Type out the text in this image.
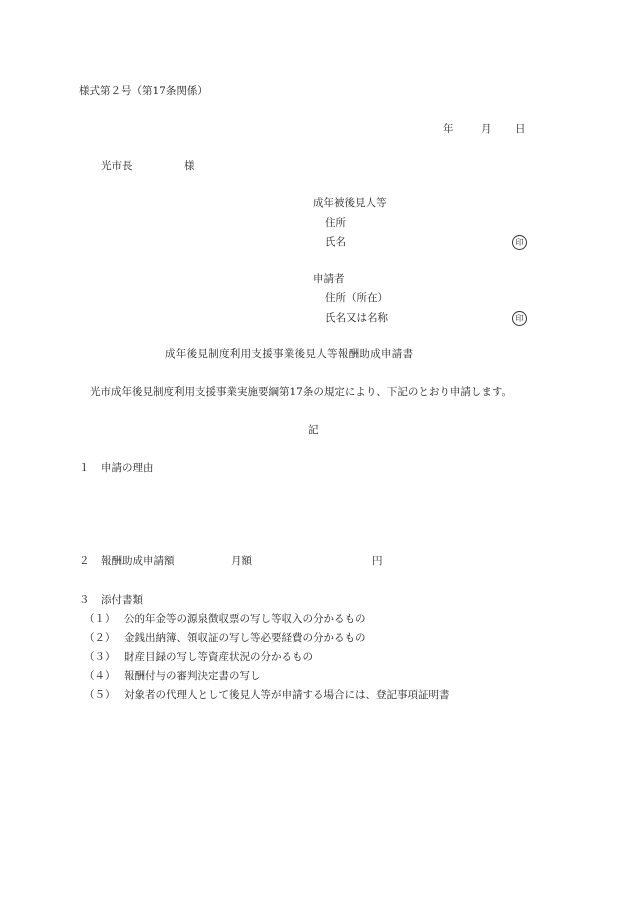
様式第２号（第17条関係）
年	月 日
光市長	様
成年被後見人等
住所
氏名	印
申請者
住所（所在）
氏名又は名称	印
成年後見制度利用支援事業後見人等報酬助成申請書
光市成年後見制度利用支援事業実施要綱第17条の規定により、下記のとおり申請します。
記
１ 申請の理由
２ 報酬助成申請額	月額	円
３ 添付書類
（１） 公的年金等の源泉徴収票の写し等収入の分かるもの
（２） 金銭出納簿、領収証の写し等必要経費の分かるもの
（３） 財産目録の写し等資産状況の分かるもの
（４） 報酬付与の審判決定書の写し
（５） 対象者の代理人として後見人等が申請する場合には、登記事項証明書
